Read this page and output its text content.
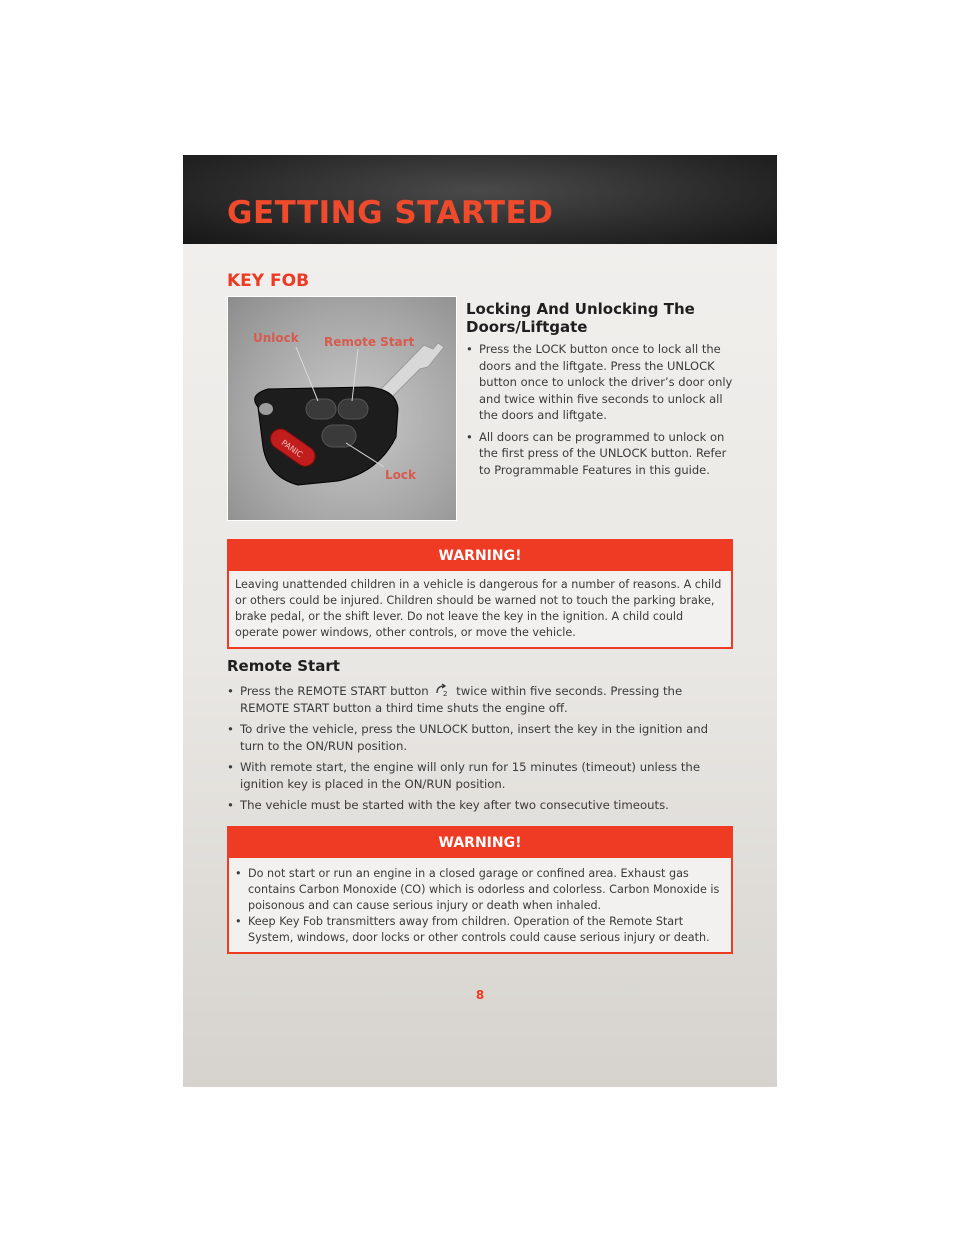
GETTING STARTED
KEY FOB
PANIC
Unlock Remote Start
Lock
Locking And Unlocking The
Doors/Liftgate
• Press the LOCK button once to lock all the doors and the liftgate. Press the UNLOCK button once to unlock the driver’s door only and twice within five seconds to unlock all the doors and liftgate.
• All doors can be programmed to unlock on the first press of the UNLOCK button. Refer to Programmable Features in this guide.
WARNING!
Leaving unattended children in a vehicle is dangerous for a number of reasons. A child or others could be injured. Children should be warned not to touch the parking brake, brake pedal, or the shift lever. Do not leave the key in the ignition. A child could operate power windows, other controls, or move the vehicle.
Remote Start
• Press the REMOTE START button 2 twice within five seconds. Pressing the REMOTE START button a third time shuts the engine off.
• To drive the vehicle, press the UNLOCK button, insert the key in the ignition and turn to the ON/RUN position.
• With remote start, the engine will only run for 15 minutes (timeout) unless the ignition key is placed in the ON/RUN position.
• The vehicle must be started with the key after two consecutive timeouts.
WARNING!
• Do not start or run an engine in a closed garage or confined area. Exhaust gas contains Carbon Monoxide (CO) which is odorless and colorless. Carbon Monoxide is poisonous and can cause serious injury or death when inhaled.
• Keep Key Fob transmitters away from children. Operation of the Remote Start System, windows, door locks or other controls could cause serious injury or death.
8
